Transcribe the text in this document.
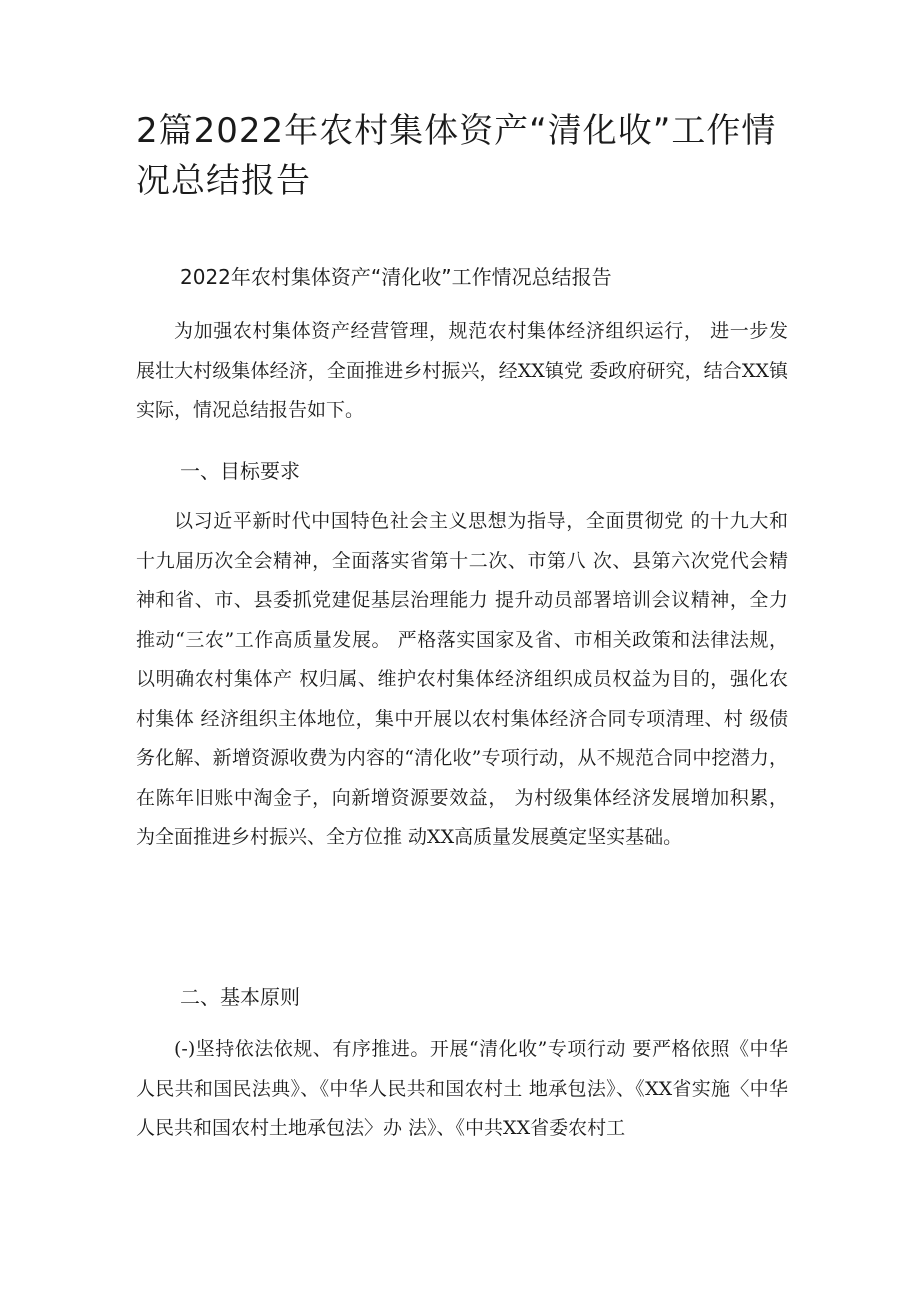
2篇2022年农村集体资产“清化收”工作情况总结报告
2022年农村集体资产“清化收”工作情况总结报告

为加强农村集体资产经营管理，规范农村集体经济组织运行， 进一步发展壮大村级集体经济，全面推进乡村振兴，经XX镇党 委政府研究，结合XX镇实际，情况总结报告如下。

一、目标要求

以习近平新时代中国特色社会主义思想为指导，全面贯彻党 的十九大和十九届历次全会精神，全面落实省第十二次、市第八 次、县第六次党代会精神和省、市、县委抓党建促基层治理能力 提升动员部署培训会议精神，全力推动“三农”工作高质量发展。 严格落实国家及省、市相关政策和法律法规，以明确农村集体产 权归属、维护农村集体经济组织成员权益为目的，强化农村集体 经济组织主体地位，集中开展以农村集体经济合同专项清理、村 级债务化解、新增资源收费为内容的“清化收”专项行动，从不规范合同中挖潜力，在陈年旧账中淘金子，向新增资源要效益， 为村级集体经济发展增加积累，为全面推进乡村振兴、全方位推 动XX高质量发展奠定坚实基础。

二、基本原则

(-)坚持依法依规、有序推进。开展“清化收”专项行动 要严格依照《中华人民共和国民法典》、《中华人民共和国农村土 地承包法》、《XX省实施〈中华人民共和国农村土地承包法〉办 法》、《中共XX省委农村工
